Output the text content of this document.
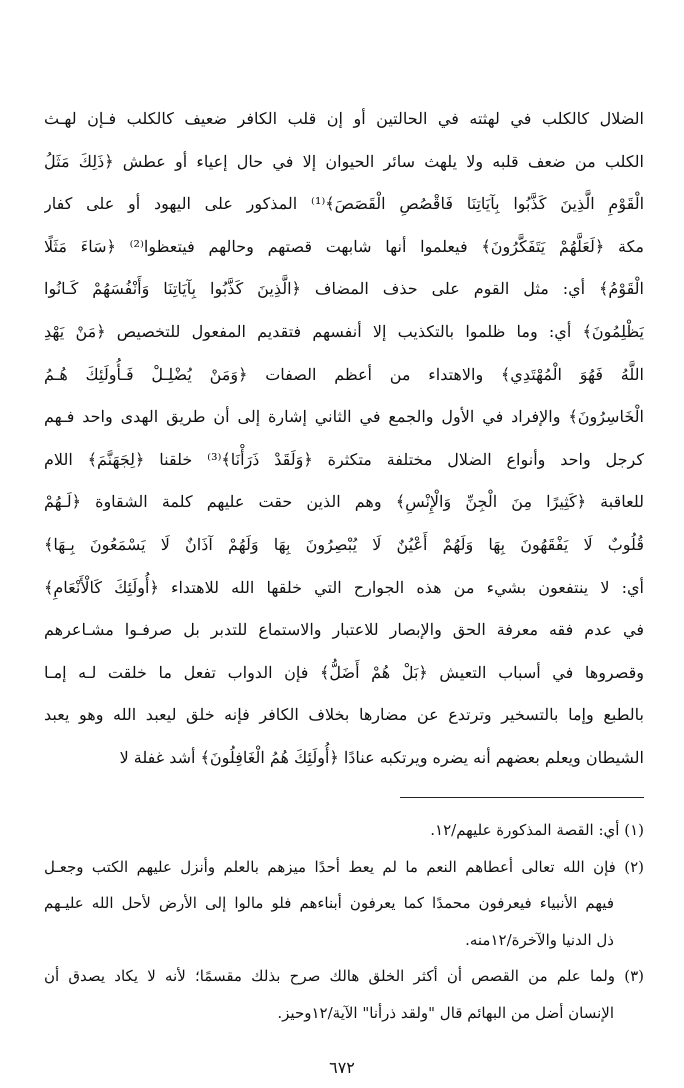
الضلال كالكلب في لهثته في الحالتين أو إن قلب الكافر ضعيف كالكلب فـإن لهـث
الكلب من ضعف قلبه ولا يلهث سائر الحيوان إلا في حال إعياء أو عطش ﴿ذَلِكَ مَثَلُ
الْقَوْمِ الَّذِينَ كَذَّبُوا بِآيَاتِنَا فَاقْصُصِ الْقَصَصَ﴾⁽¹⁾ المذكور على اليهود أو على كفار
مكة ﴿لَعَلَّهُمْ يَتَفَكَّرُونَ﴾ فيعلموا أنها شابهت قصتهم وحالهم فيتعظوا⁽²⁾ ﴿سَاءَ مَثَلًا
الْقَوْمُ﴾ أي: مثل القوم على حذف المضاف ﴿الَّذِينَ كَذَّبُوا بِآيَاتِنَا وَأَنْفُسَهُمْ كَـانُوا
يَظْلِمُونَ﴾ أي: وما ظلموا بالتكذيب إلا أنفسهم فتقديم المفعول للتخصيص ﴿مَنْ يَهْدِ
اللَّهُ فَهُوَ الْمُهْتَدِي﴾ والاهتداء من أعظم الصفات ﴿وَمَنْ يُضْلِـلْ فَـأُولَئِكَ هُـمُ
الْخَاسِرُونَ﴾ والإفراد في الأول والجمع في الثاني إشارة إلى أن طريق الهدى واحد فـهم
كرجل واحد وأنواع الضلال مختلفة متكثرة ﴿وَلَقَدْ ذَرَأْنَا﴾⁽³⁾ خلقنا ﴿لِجَهَنَّمَ﴾ اللام
للعاقبة ﴿كَثِيرًا مِنَ الْجِنِّ وَالْإِنْسِ﴾ وهم الذين حقت عليهم كلمة الشقاوة ﴿لَـهُمْ
قُلُوبٌ لَا يَفْقَهُونَ بِهَا وَلَهُمْ أَعْيُنٌ لَا يُبْصِرُونَ بِهَا وَلَهُمْ آذَانٌ لَا يَسْمَعُونَ بِـهَا﴾
أي: لا ينتفعون بشيء من هذه الجوارح التي خلقها الله للاهتداء ﴿أُولَئِكَ كَالْأَنْعَامِ﴾
في عدم فقه معرفة الحق والإبصار للاعتبار والاستماع للتدبر بل صرفـوا مشـاعرهم
وقصروها في أسباب التعيش ﴿بَلْ هُمْ أَضَلُّ﴾ فإن الدواب تفعل ما خلقت لـه إمـا
بالطبع وإما بالتسخير وترتدع عن مضارها بخلاف الكافر فإنه خلق ليعبد الله وهو يعبد
الشيطان ويعلم بعضهم أنه يضره ويرتكبه عنادًا ﴿أُولَئِكَ هُمُ الْغَافِلُونَ﴾ أشد غفلة لا
(١) أي: القصة المذكورة عليهم/١٢.
(٢) فإن الله تعالى أعطاهم النعم ما لم يعط أحدًا ميزهم بالعلم وأنزل عليهم الكتب وجعـل
فيهم الأنبياء فيعرفون محمدًا كما يعرفون أبناءهم فلو مالوا إلى الأرض لأحل الله عليـهم
ذل الدنيا والآخرة/١٢منه.
(٣) ولما علم من القصص أن أكثر الخلق هالك صرح بذلك مقسمًا؛ لأنه لا يكاد يصدق أن
الإنسان أضل من البهائم قال "ولقد ذرأنا" الآية/١٢وحيز.
٦٧٢
